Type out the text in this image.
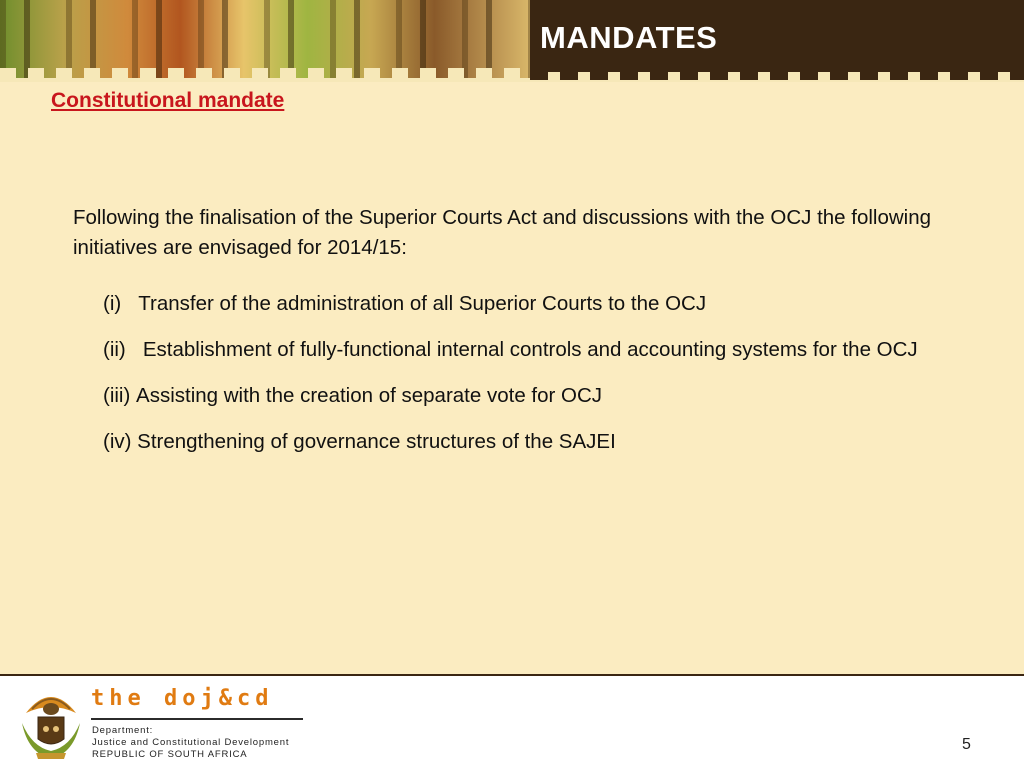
MANDATES
Constitutional mandate
Following the finalisation of the Superior Courts Act and discussions with the OCJ the following initiatives are envisaged for 2014/15:
(i) Transfer of the administration of all Superior Courts to the OCJ
(ii) Establishment of fully-functional internal controls and accounting systems for the OCJ
(iii) Assisting with the creation of separate vote for OCJ
(iv) Strengthening of governance structures of the SAJEI
the doj&cd
Department:
Justice and Constitutional Development
REPUBLIC OF SOUTH AFRICA
5
